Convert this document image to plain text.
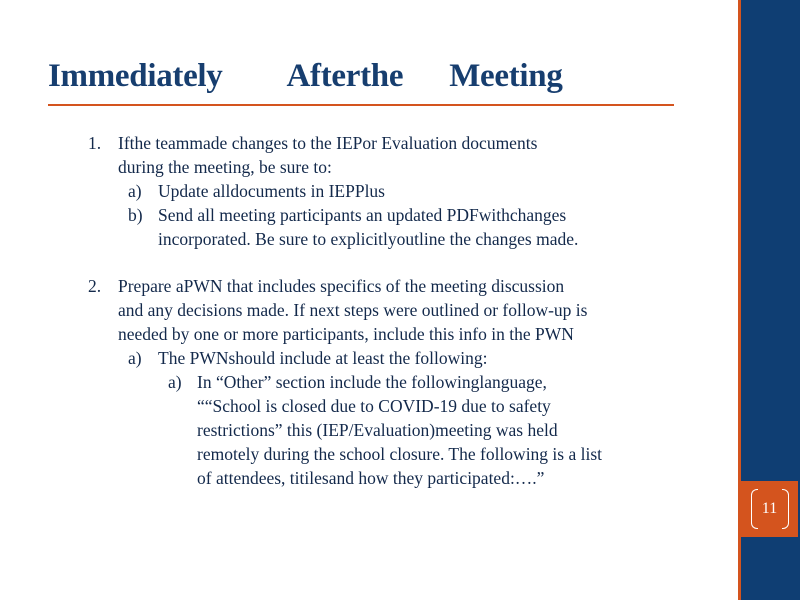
11
Immediately Afterthe Meeting
1. Ifthe teammade changes to the IEPor Evaluation documents
during the meeting, be sure to:
a) Update alldocuments in IEPPlus
b) Send all meeting participants an updated PDFwithchanges
incorporated. Be sure to explicitlyoutline the changes made.
2. Prepare aPWN that includes specifics of the meeting discussion
and any decisions made. If next steps were outlined or follow-up is
needed by one or more participants, include this info in the PWN
a) The PWNshould include at least the following:
a) In “Other” section include the followinglanguage,
““School is closed due to COVID-19 due to safety
restrictions” this (IEP/Evaluation)meeting was held
remotely during the school closure. The following is a list
of attendees, titilesand how they participated:….”
